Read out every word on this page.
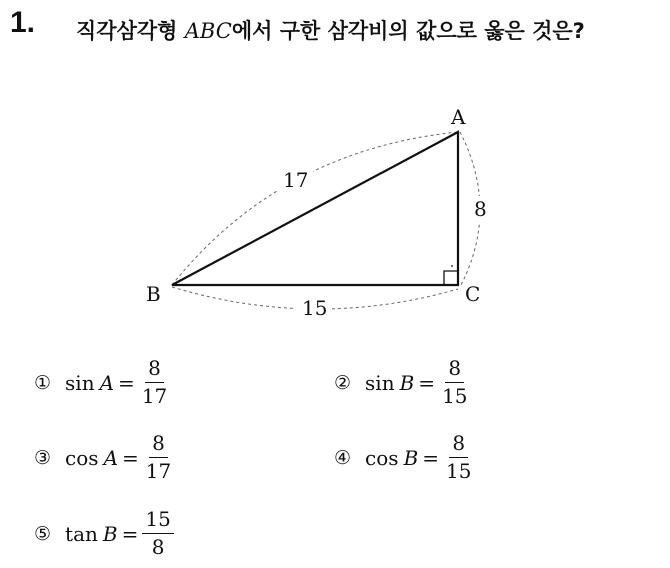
1. 직각삼각형 ABC에서 구한 삼각비의 값으로 옳은 것은?
A
B	C
17
8
15
① $\sin A = \frac{8}{17}$	② $\sin B = \frac{8}{15}$
③ $\cos A = \frac{8}{17}$	④ $\cos B = \frac{8}{15}$
⑤ $\tan B = \frac{15}{8}$
